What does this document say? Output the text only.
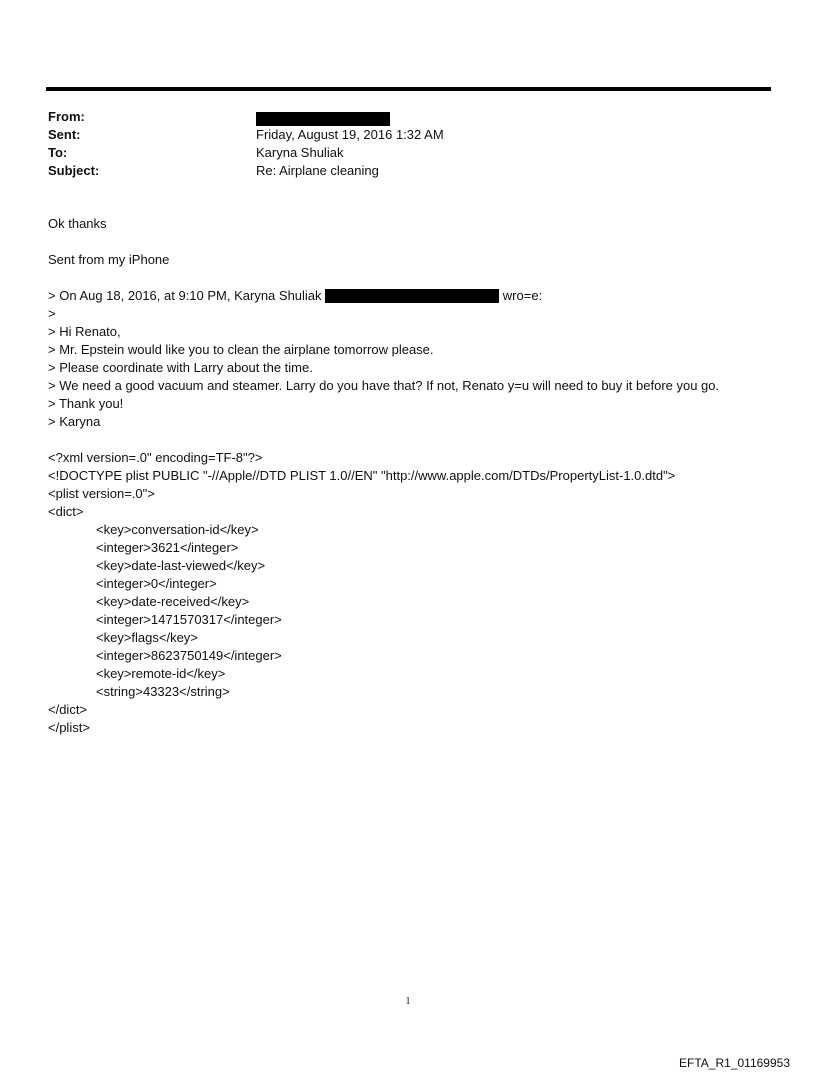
From:
Sent:	Friday, August 19, 2016 1:32 AM
To:	Karyna Shuliak
Subject:	Re: Airplane cleaning
Ok thanks
Sent from my iPhone
> On Aug 18, 2016, at 9:10 PM, Karyna Shuliak	wro=e:
>
> Hi Renato,
> Mr. Epstein would like you to clean the airplane tomorrow please.
> Please coordinate with Larry about the time.
> We need a good vacuum and steamer. Larry do you have that? If not, Renato y=u will need to buy it before you go.
> Thank you!
> Karyna
<?xml version=.0" encoding=TF-8"?>
<!DOCTYPE plist PUBLIC "-//Apple//DTD PLIST 1.0//EN" "http://www.apple.com/DTDs/PropertyList-1.0.dtd">
<plist version=.0">
<dict>
<key>conversation-id</key>
<integer>3621</integer>
<key>date-last-viewed</key>
<integer>0</integer>
<key>date-received</key>
<integer>1471570317</integer>
<key>flags</key>
<integer>8623750149</integer>
<key>remote-id</key>
<string>43323</string>
</dict>
</plist>
1
EFTA_R1_01169953
